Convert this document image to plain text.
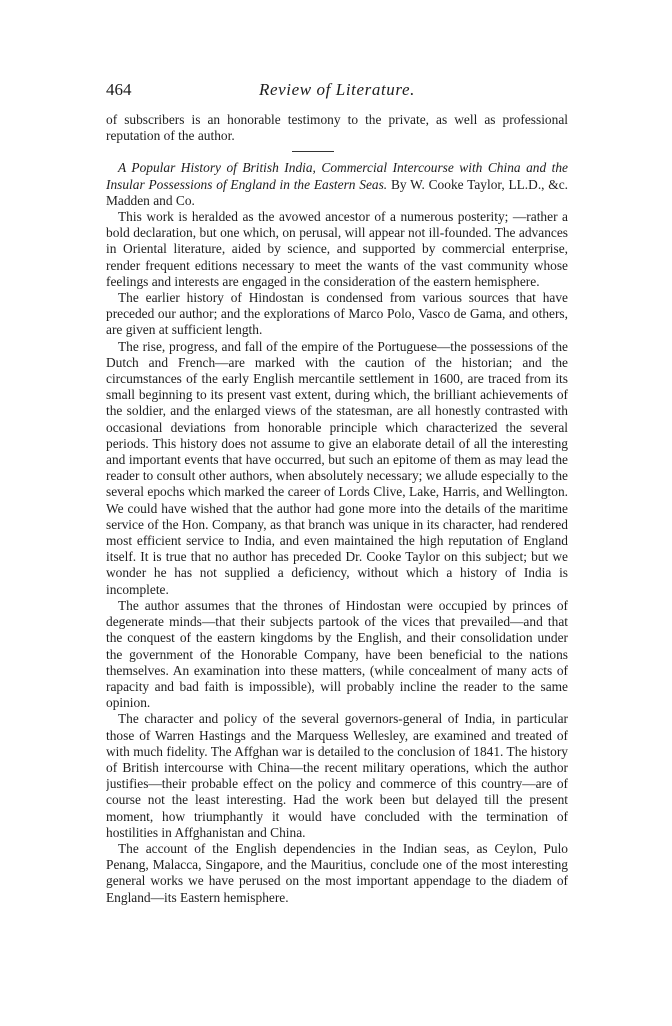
464	Review of Literature.

of subscribers is an honorable testimony to the private, as well as professional reputation of the author.

A Popular History of British India, Commercial Intercourse with China and the Insular Possessions of England in the Eastern Seas. By W. Cooke Taylor, LL.D., &c. Madden and Co.

This work is heralded as the avowed ancestor of a numerous posterity; —rather a bold declaration, but one which, on perusal, will appear not ill-founded. The advances in Oriental literature, aided by science, and supported by commercial enterprise, render frequent editions necessary to meet the wants of the vast community whose feelings and interests are engaged in the consideration of the eastern hemisphere.

The earlier history of Hindostan is condensed from various sources that have preceded our author; and the explorations of Marco Polo, Vasco de Gama, and others, are given at sufficient length.

The rise, progress, and fall of the empire of the Portuguese—the possessions of the Dutch and French—are marked with the caution of the historian; and the circumstances of the early English mercantile settlement in 1600, are traced from its small beginning to its present vast extent, during which, the brilliant achievements of the soldier, and the enlarged views of the statesman, are all honestly contrasted with occasional deviations from honorable principle which characterized the several periods. This history does not assume to give an elaborate detail of all the interesting and important events that have occurred, but such an epitome of them as may lead the reader to consult other authors, when absolutely necessary; we allude especially to the several epochs which marked the career of Lords Clive, Lake, Harris, and Wellington. We could have wished that the author had gone more into the details of the maritime service of the Hon. Company, as that branch was unique in its character, had rendered most efficient service to India, and even maintained the high reputation of England itself. It is true that no author has preceded Dr. Cooke Taylor on this subject; but we wonder he has not supplied a deficiency, without which a history of India is incomplete.

The author assumes that the thrones of Hindostan were occupied by princes of degenerate minds—that their subjects partook of the vices that prevailed—and that the conquest of the eastern kingdoms by the English, and their consolidation under the government of the Honorable Company, have been beneficial to the nations themselves. An examination into these matters, (while concealment of many acts of rapacity and bad faith is impossible), will probably incline the reader to the same opinion.

The character and policy of the several governors-general of India, in particular those of Warren Hastings and the Marquess Wellesley, are examined and treated of with much fidelity. The Affghan war is detailed to the conclusion of 1841. The history of British intercourse with China—the recent military operations, which the author justifies—their probable effect on the policy and commerce of this country—are of course not the least interesting. Had the work been but delayed till the present moment, how triumphantly it would have concluded with the termination of hostilities in Affghanistan and China.

The account of the English dependencies in the Indian seas, as Ceylon, Pulo Penang, Malacca, Singapore, and the Mauritius, conclude one of the most interesting general works we have perused on the most important appendage to the diadem of England—its Eastern hemisphere.
